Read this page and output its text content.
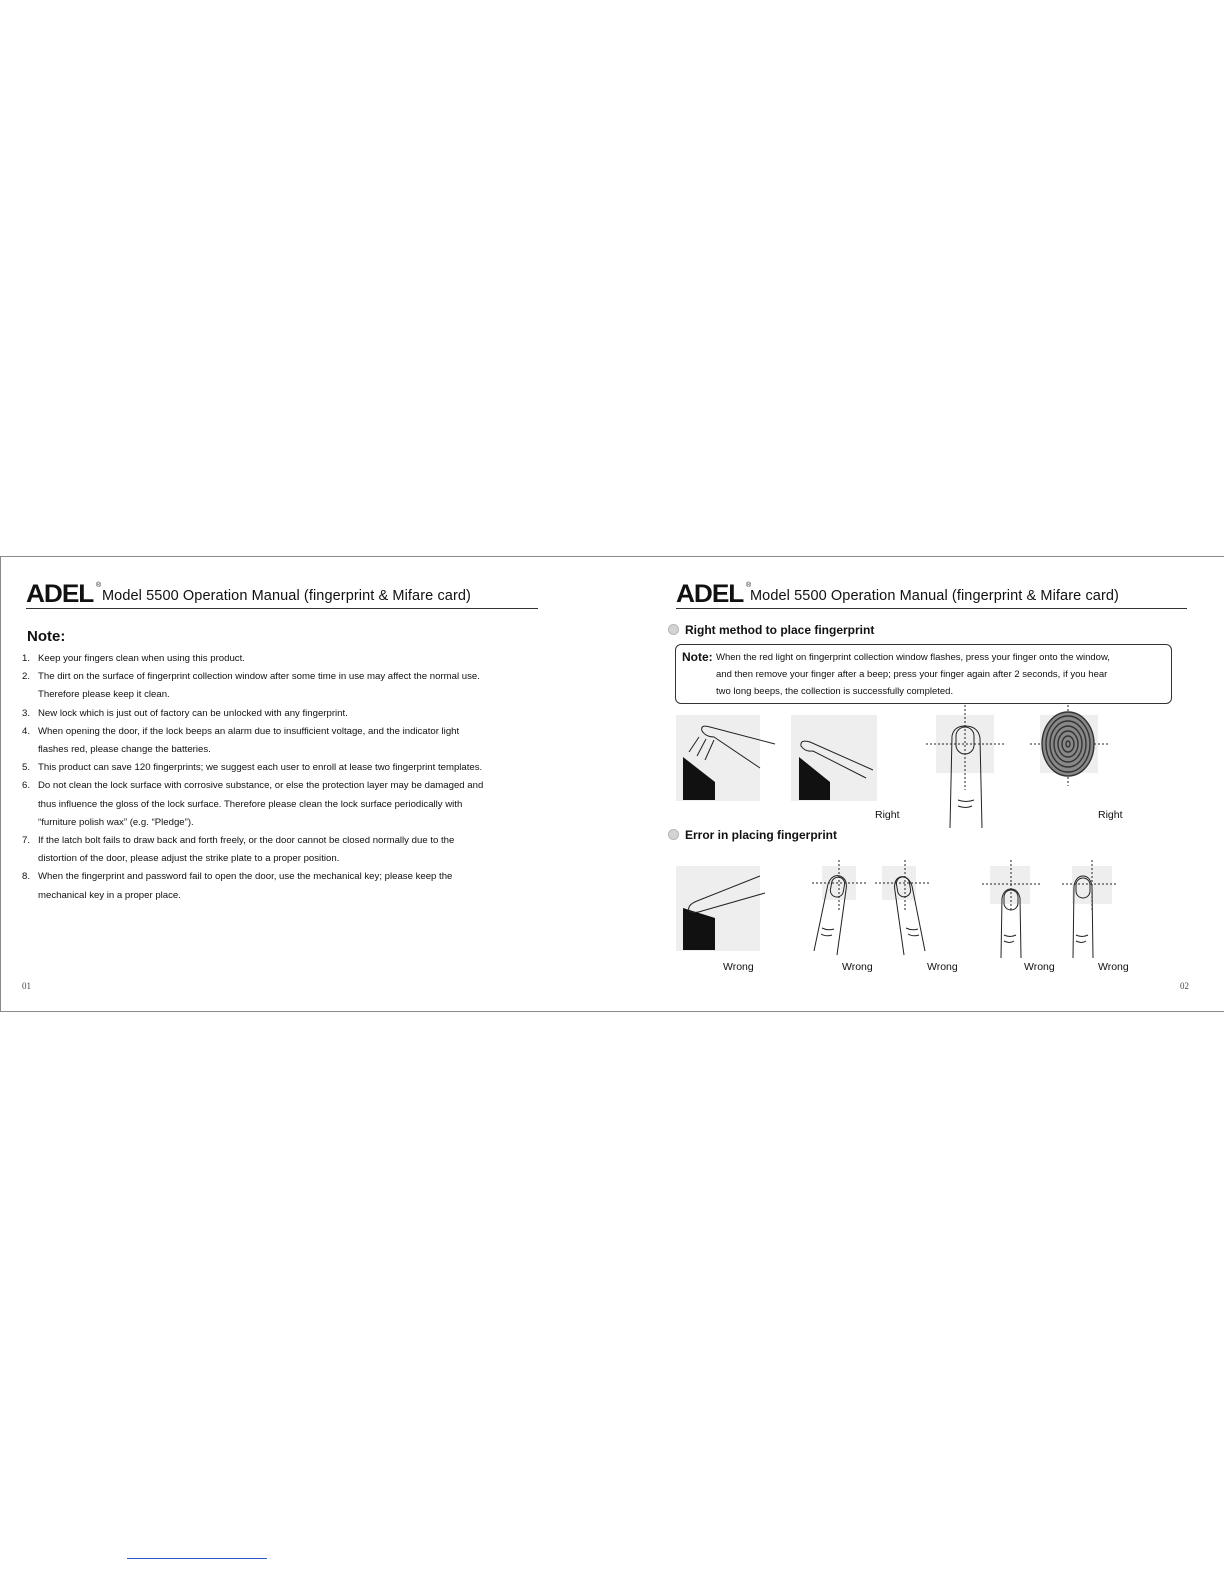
ADEL ®
Model 5500 Operation Manual (fingerprint & Mifare card)
Note:
1. Keep your fingers clean when using this product.
2. The dirt on the surface of fingerprint collection window after some time in use may affect the normal use.
Therefore please keep it clean.
3. New lock which is just out of factory can be unlocked with any fingerprint.
4. When opening the door, if the lock beeps an alarm due to insufficient voltage, and the indicator light
flashes red, please change the batteries.
5. This product can save 120 fingerprints; we suggest each user to enroll at lease two fingerprint templates.
6. Do not clean the lock surface with corrosive substance, or else the protection layer may be damaged and
thus influence the gloss of the lock surface. Therefore please clean the lock surface periodically with
“furniture polish wax” (e.g. “Pledge”).
7. If the latch bolt fails to draw back and forth freely, or the door cannot be closed normally due to the
distortion of the door, please adjust the strike plate to a proper position.
8. When the fingerprint and password fail to open the door, use the mechanical key; please keep the
mechanical key in a proper place.
01
ADEL ®
Model 5500 Operation Manual (fingerprint & Mifare card)
Right method to place fingerprint
Note: When the red light on fingerprint collection window flashes, press your finger onto the window,
and then remove your finger after a beep; press your finger again after 2 seconds, if you hear
two long beeps, the collection is successfully completed.
Right	Right
Error in placing fingerprint
Wrong	Wrong	Wrong	Wrong	Wrong
02
